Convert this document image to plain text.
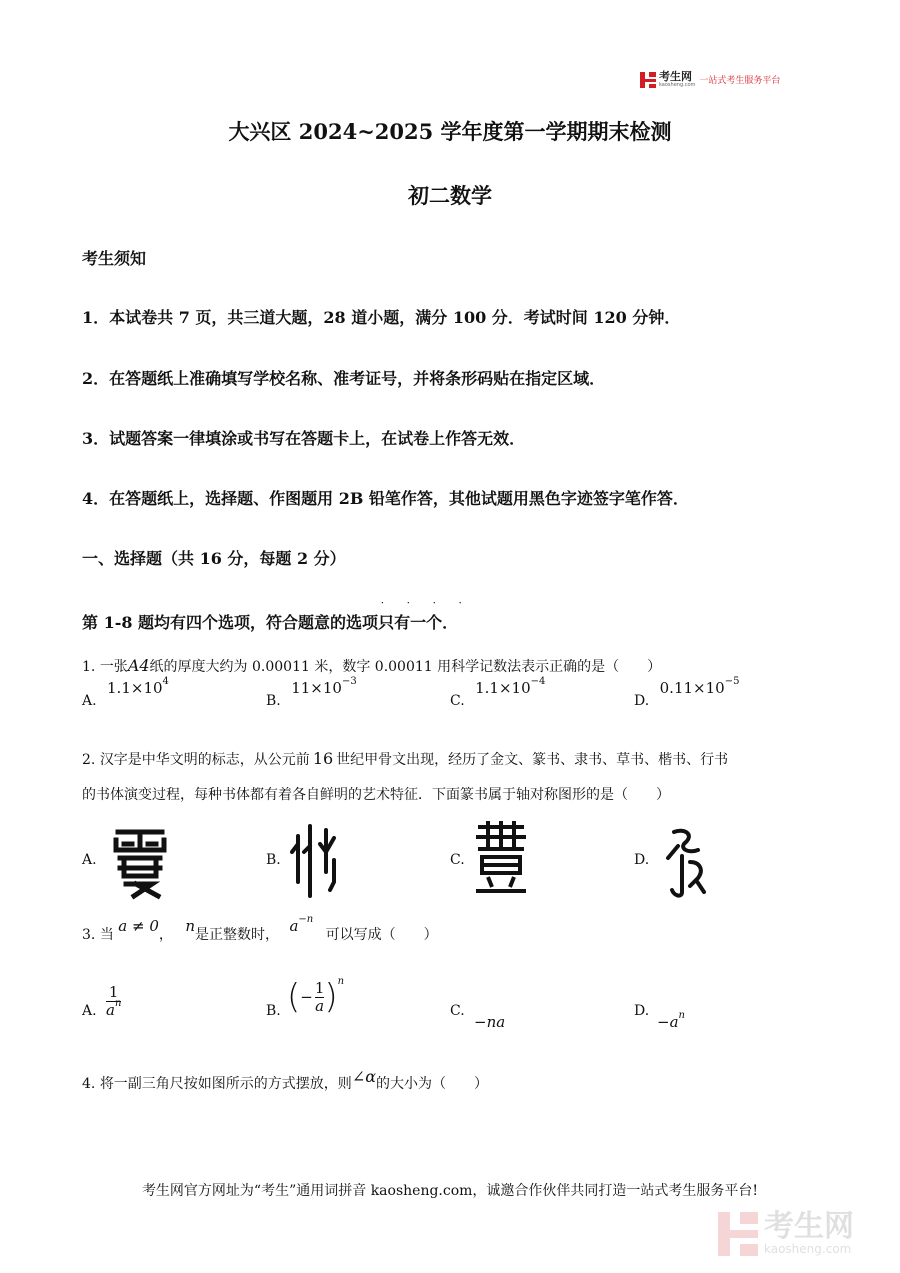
考生网
kaosheng.com 一站式考生服务平台
大兴区 2024~2025 学年度第一学期期末检测
初二数学
考生须知
1．本试卷共 7 页，共三道大题，28 道小题，满分 100 分．考试时间 120 分钟．
2．在答题纸上准确填写学校名称、准考证号，并将条形码贴在指定区域．
3．试题答案一律填涂或书写在答题卡上，在试卷上作答无效．
4．在答题纸上，选择题、作图题用 2B 铅笔作答，其他试题用黑色字迹签字笔作答．
一、选择题（共 16 分，每题 2 分）
第 1-8 题均有四个选项，符合题意的选项• • • • 只有一个．
1. 一张A4纸的厚度大约为 0.00011 米，数字 0.00011 用科学记数法表示正确的是（　　）
A. $1.1\times 10^4$
B. $11\times 10^{-3}$
C. $1.1\times 10^{-4}$
D. $0.11\times 10^{-5}$
2. 汉字是中华文明的标志，从公元前 16 世纪甲骨文出现，经历了金文、篆书、隶书、草书、楷书、行书
的书体演变过程，每种书体都有着各自鲜明的艺术特征．下面篆书属于轴对称图形的是（　　）
A.	B.	C.	D.
3. 当 a ≠ 0， n是正整数时， $a^{-n}$ 可以写成（　　）
A. $\frac{1}{a^n}$	B. (− $\frac{1}{a} )^n$
C.
−na
D.
$-a^n$
4. 将一副三角尺按如图所示的方式摆放，则∠α的大小为（　　）
考生网官方网址为“考生”通用词拼音 kaosheng.com，诚邀合作伙伴共同打造一站式考生服务平台!
考生网
kaosheng.com
